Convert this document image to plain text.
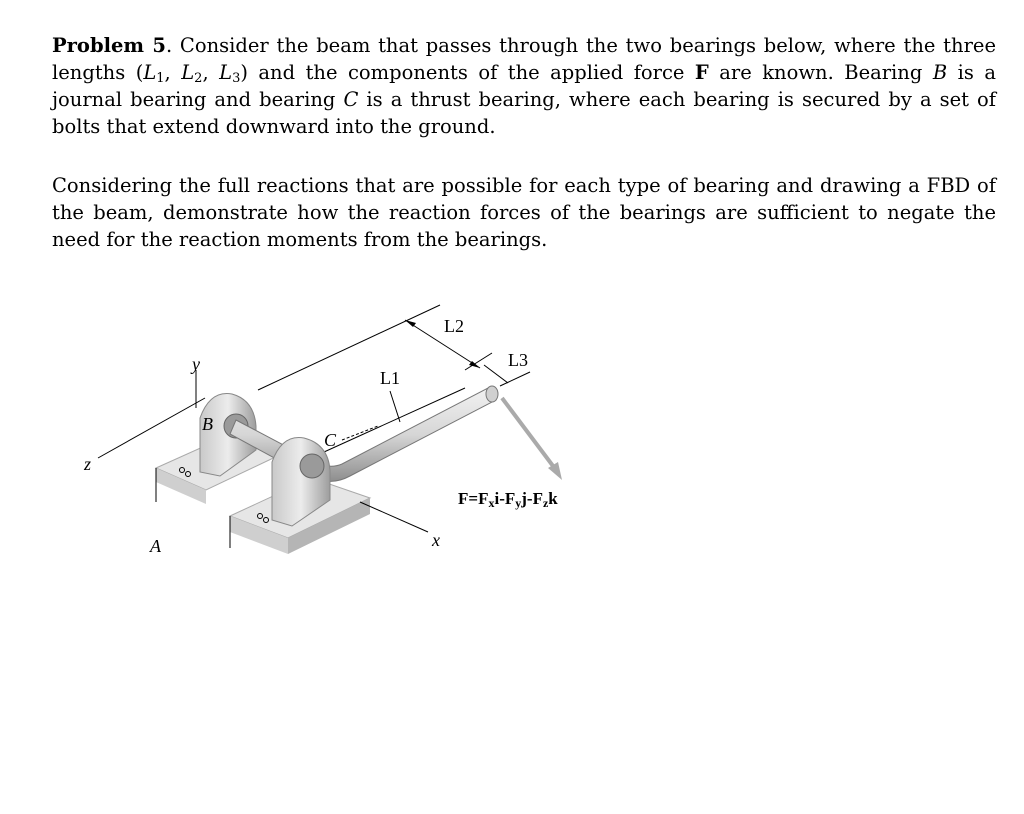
Problem 5. Consider the beam that passes through the two bearings below, where the three lengths ($L_1$, $L_2$, $L_3$) and the components of the applied force F are known. Bearing B is a journal bearing and bearing C is a thrust bearing, where each bearing is secured by a set of bolts that extend downward into the ground.
Considering the full reactions that are possible for each type of bearing and drawing a FBD of the beam, demonstrate how the reaction forces of the bearings are sufficient to negate the need for the reaction moments from the bearings.
L2
L3
L1
y
z
x
A
B
C
F=Fxi-Fyj-Fzk
